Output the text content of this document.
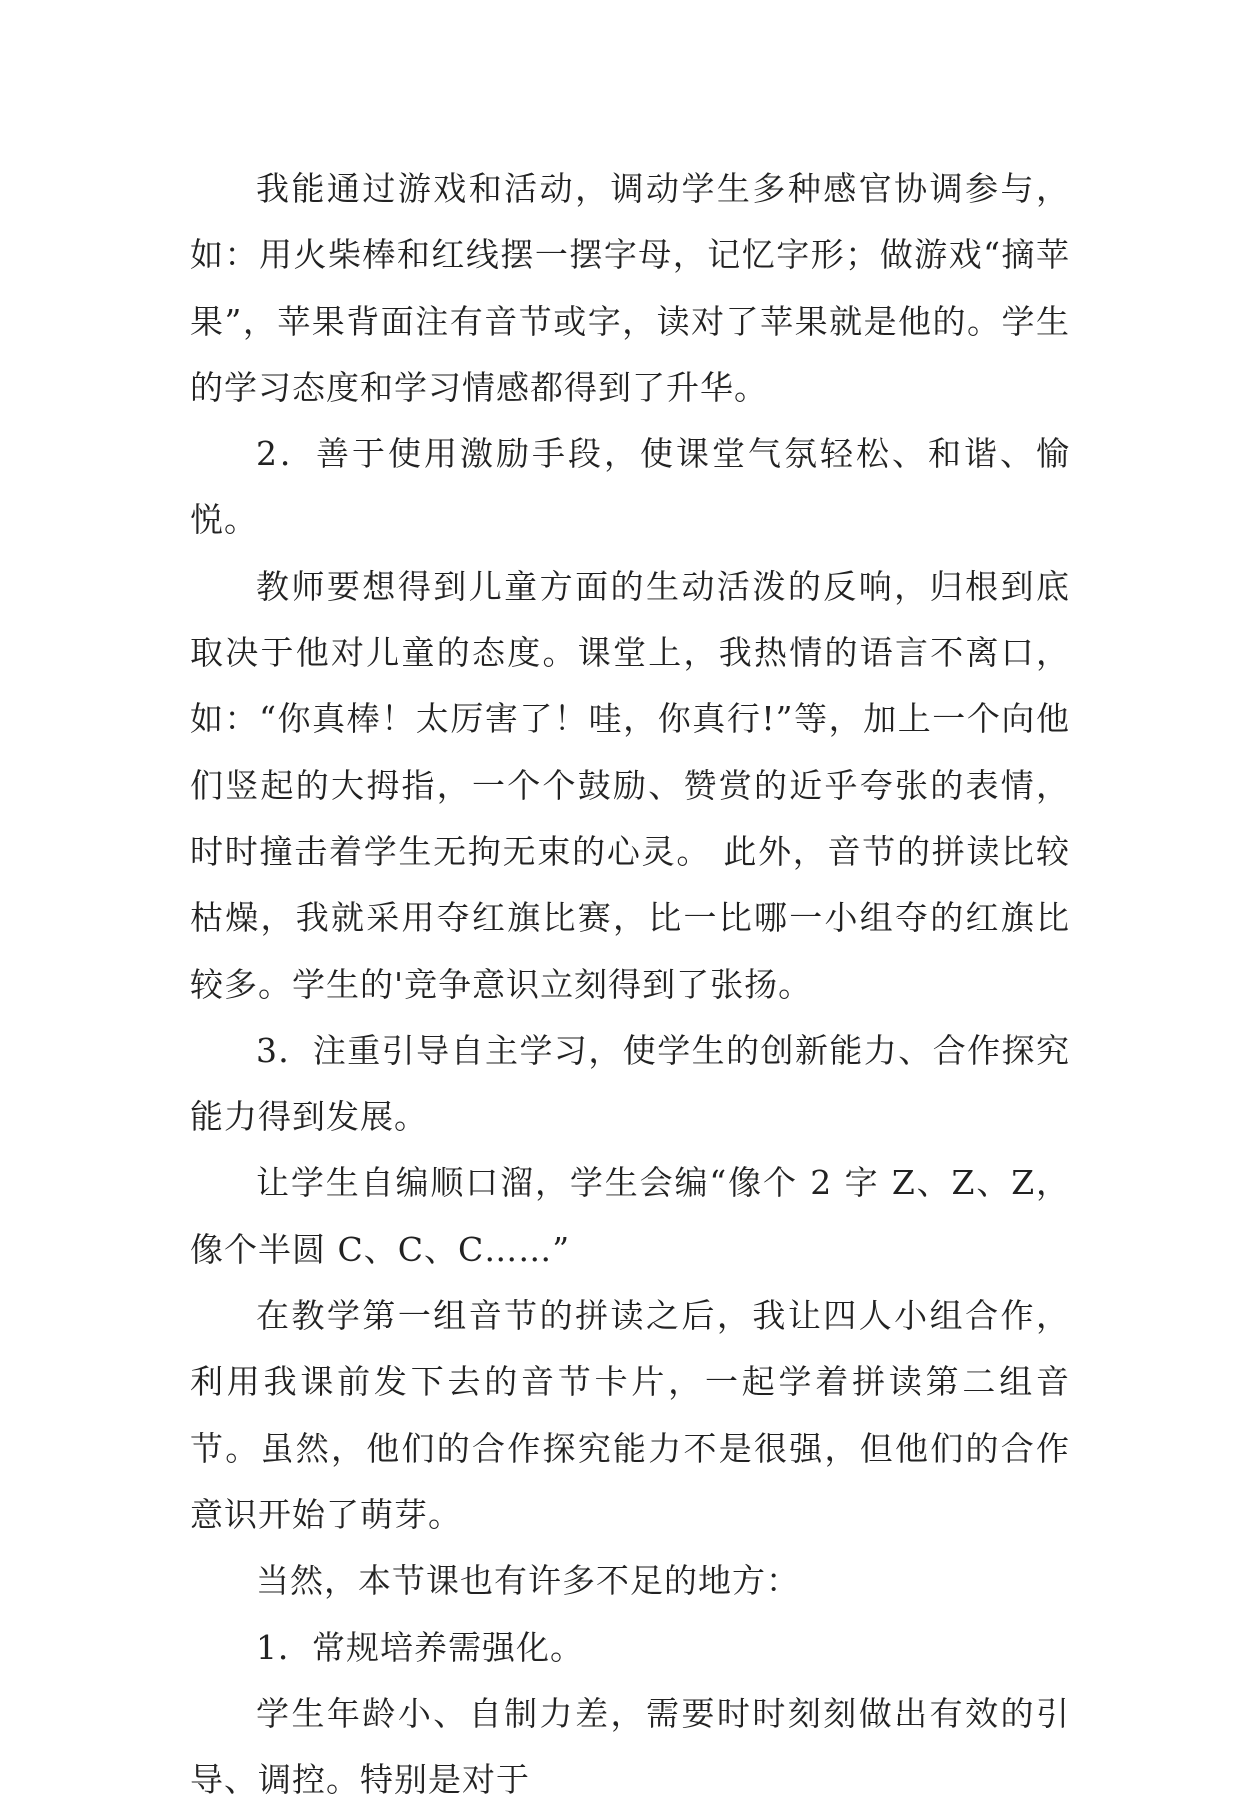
我能通过游戏和活动，调动学生多种感官协调参与，如：用火柴棒和红线摆一摆字母，记忆字形；做游戏“摘苹果”，苹果背面注有音节或字，读对了苹果就是他的。学生的学习态度和学习情感都得到了升华。

2．善于使用激励手段，使课堂气氛轻松、和谐、愉悦。

教师要想得到儿童方面的生动活泼的反响，归根到底取决于他对儿童的态度。课堂上，我热情的语言不离口，如：“你真棒！太厉害了！哇，你真行!”等，加上一个向他们竖起的大拇指，一个个鼓励、赞赏的近乎夸张的表情，时时撞击着学生无拘无束的心灵。 此外，音节的拼读比较枯燥，我就采用夺红旗比赛，比一比哪一小组夺的红旗比较多。学生的'竞争意识立刻得到了张扬。

3．注重引导自主学习，使学生的创新能力、合作探究能力得到发展。

让学生自编顺口溜，学生会编“像个 2 字 Z、Z、Z，像个半圆 C、C、C……”

在教学第一组音节的拼读之后，我让四人小组合作，利用我课前发下去的音节卡片，一起学着拼读第二组音节。虽然，他们的合作探究能力不是很强，但他们的合作意识开始了萌芽。

当然，本节课也有许多不足的地方：

1．常规培养需强化。

学生年龄小、自制力差，需要时时刻刻做出有效的引导、调控。特别是对于
